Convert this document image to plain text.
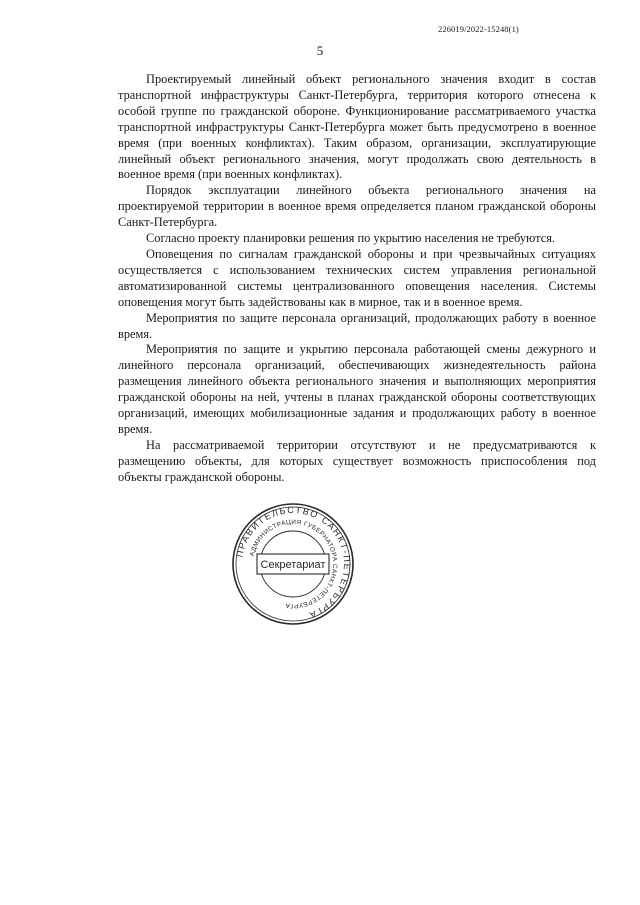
226019/2022-15248(1)
5

Проектируемый линейный объект регионального значения входит в состав транспортной инфраструктуры Санкт-Петербурга, территория которого отнесена к особой группе по гражданской обороне. Функционирование рассматриваемого участка транспортной инфраструктуры Санкт-Петербурга может быть предусмотрено в военное время (при военных конфликтах). Таким образом, организации, эксплуатирующие линейный объект регионального значения, могут продолжать свою деятельность в военное время (при военных конфликтах).

Порядок эксплуатации линейного объекта регионального значения на проектируемой территории в военное время определяется планом гражданской обороны Санкт-Петербурга.

Согласно проекту планировки решения по укрытию населения не требуются.

Оповещения по сигналам гражданской обороны и при чрезвычайных ситуациях осуществляется с использованием технических систем управления региональной автоматизированной системы централизованного оповещения населения. Системы оповещения могут быть задействованы как в мирное, так и в военное время.

Мероприятия по защите персонала организаций, продолжающих работу в военное время.

Мероприятия по защите и укрытию персонала работающей смены дежурного и линейного персонала организаций, обеспечивающих жизнедеятельность района размещения линейного объекта регионального значения и выполняющих мероприятия гражданской обороны на ней, учтены в планах гражданской обороны соответствующих организаций, имеющих мобилизационные задания и продолжающих работу в военное время.

На рассматриваемой территории отсутствуют и не предусматриваются к размещению объекты, для которых существует возможность приспособления под объекты гражданской обороны.

ПРАВИТЕЛЬСТВО САНКТ-ПЕТЕРБУРГА
АДМИНИСТРАЦИЯ ГУБЕРНАТОРА САНКТ-ПЕТЕРБУРГА
Секретариат
